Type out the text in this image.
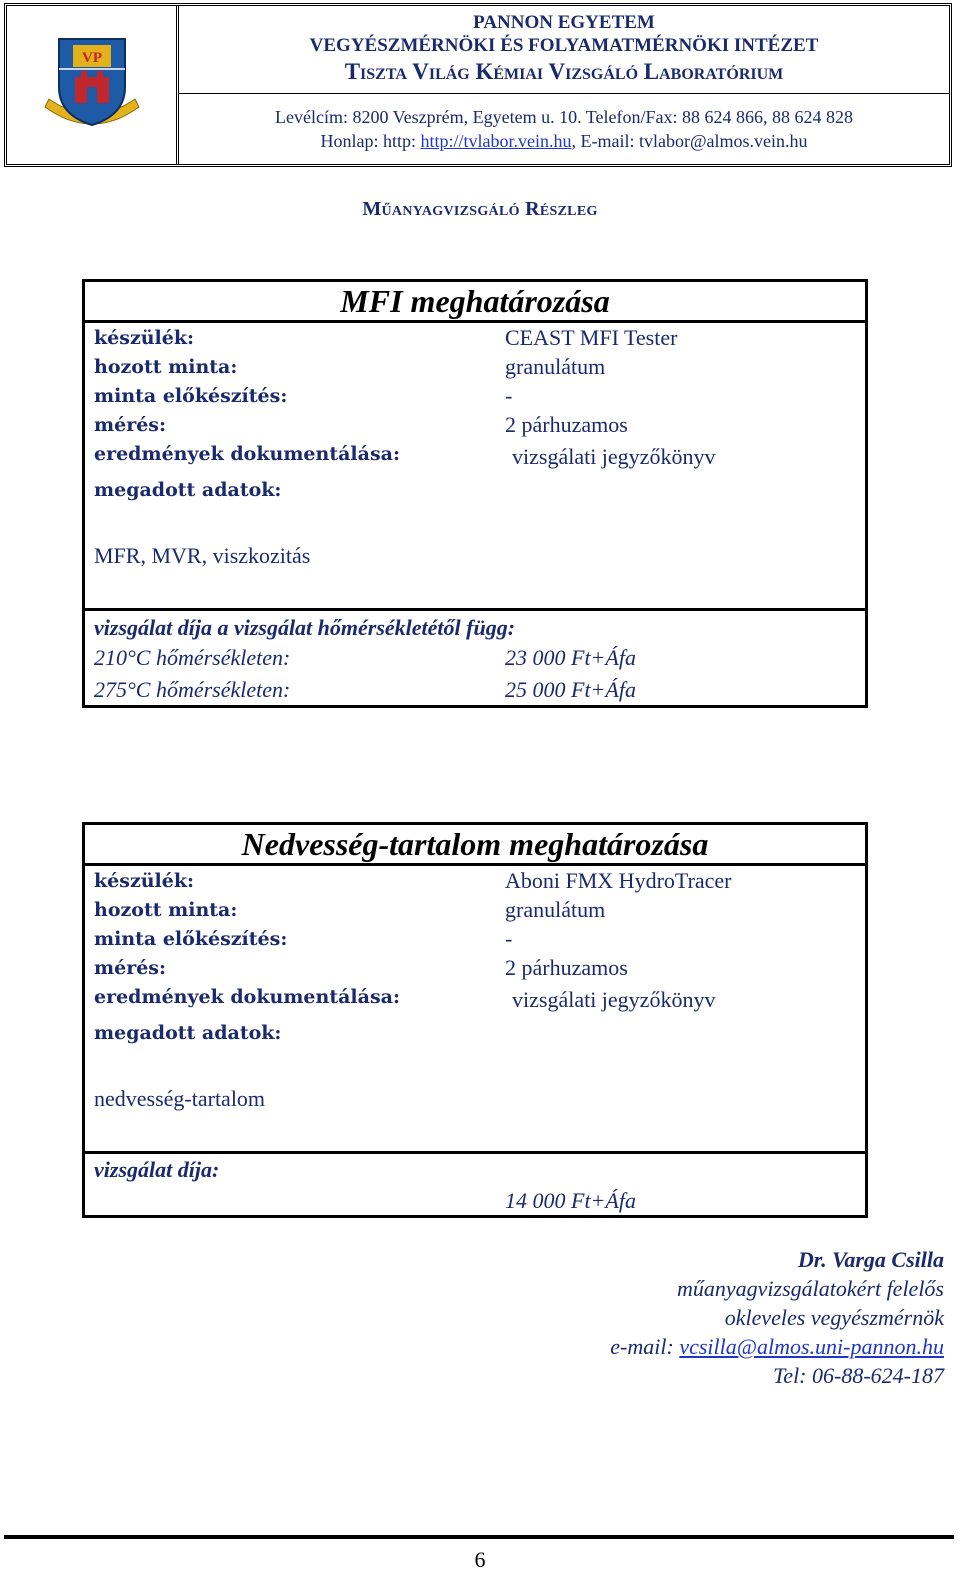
VP
PANNON EGYETEM
VEGYÉSZMÉRNÖKI ÉS FOLYAMATMÉRNÖKI INTÉZET
Tiszta Világ Kémiai Vizsgáló Laboratórium
Levélcím: 8200 Veszprém, Egyetem u. 10. Telefon/Fax: 88 624 866, 88 624 828
Honlap: http: http://tvlabor.vein.hu, E-mail: tvlabor@almos.vein.hu
Műanyagvizsgáló Részleg
MFI meghatározása
készülék:
hozott minta:
minta előkészítés:
mérés:
eredmények dokumentálása:
megadott adatok:
CEAST MFI Tester
granulátum
-
2 párhuzamos
vizsgálati jegyzőkönyv
MFR, MVR, viszkozitás
vizsgálat díja a vizsgálat hőmérsékletétől függ:
210°C hőmérsékleten:	23 000 Ft+Áfa
275°C hőmérsékleten:	25 000 Ft+Áfa
Nedvesség-tartalom meghatározása
készülék:
hozott minta:
minta előkészítés:
mérés:
eredmények dokumentálása:
megadott adatok:
Aboni FMX HydroTracer
granulátum
-
2 párhuzamos
vizsgálati jegyzőkönyv
nedvesség-tartalom
vizsgálat díja:
14 000 Ft+Áfa
Dr. Varga Csilla
műanyagvizsgálatokért felelős
okleveles vegyészmérnök
e-mail: vcsilla@almos.uni-pannon.hu
Tel: 06-88-624-187
6
